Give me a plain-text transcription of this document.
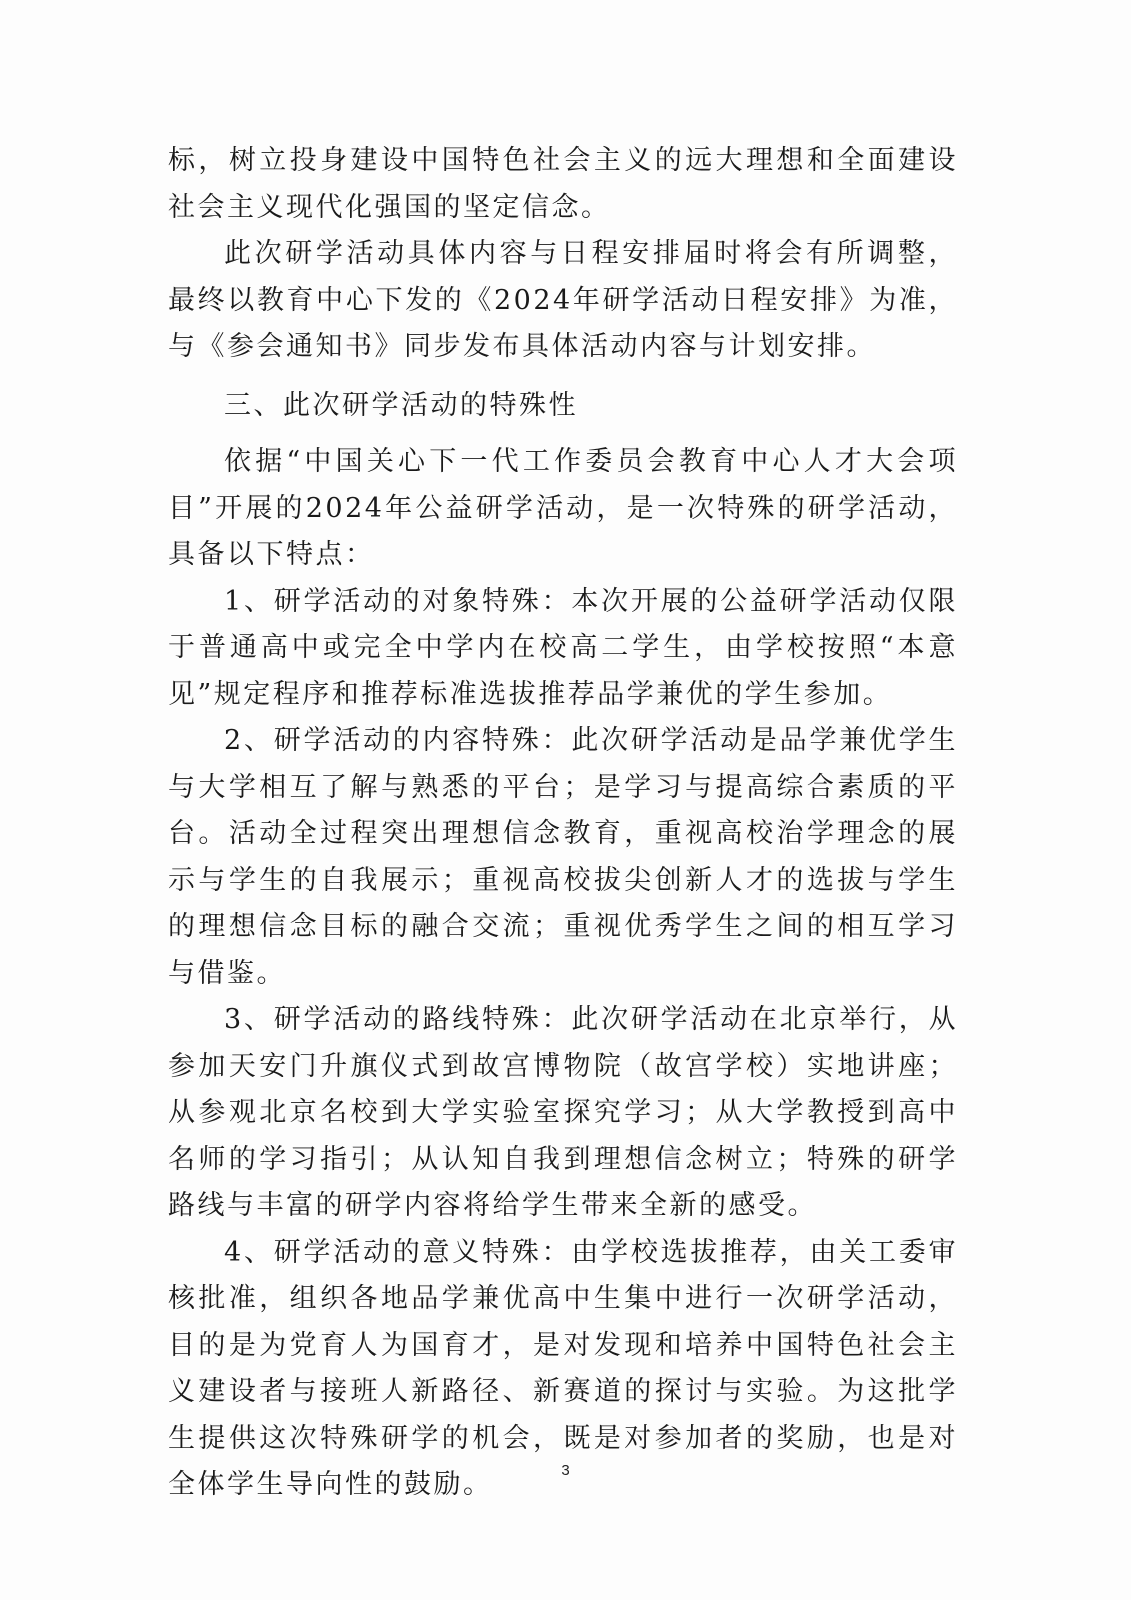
标，树立投身建设中国特色社会主义的远大理想和全面建设社会主义现代化强国的坚定信念。

此次研学活动具体内容与日程安排届时将会有所调整，最终以教育中心下发的《2024年研学活动日程安排》为准，与《参会通知书》同步发布具体活动内容与计划安排。

三、此次研学活动的特殊性

依据“中国关心下一代工作委员会教育中心人才大会项目”开展的2024年公益研学活动，是一次特殊的研学活动，具备以下特点：

1、研学活动的对象特殊：本次开展的公益研学活动仅限于普通高中或完全中学内在校高二学生，由学校按照“本意见”规定程序和推荐标准选拔推荐品学兼优的学生参加。

2、研学活动的内容特殊：此次研学活动是品学兼优学生与大学相互了解与熟悉的平台；是学习与提高综合素质的平台。活动全过程突出理想信念教育，重视高校治学理念的展示与学生的自我展示；重视高校拔尖创新人才的选拔与学生的理想信念目标的融合交流；重视优秀学生之间的相互学习与借鉴。

3、研学活动的路线特殊：此次研学活动在北京举行，从参加天安门升旗仪式到故宫博物院（故宫学校）实地讲座；从参观北京名校到大学实验室探究学习；从大学教授到高中名师的学习指引；从认知自我到理想信念树立；特殊的研学路线与丰富的研学内容将给学生带来全新的感受。

4、研学活动的意义特殊：由学校选拔推荐，由关工委审核批准，组织各地品学兼优高中生集中进行一次研学活动，目的是为党育人为国育才，是对发现和培养中国特色社会主义建设者与接班人新路径、新赛道的探讨与实验。为这批学生提供这次特殊研学的机会，既是对参加者的奖励，也是对全体学生导向性的鼓励。	3
